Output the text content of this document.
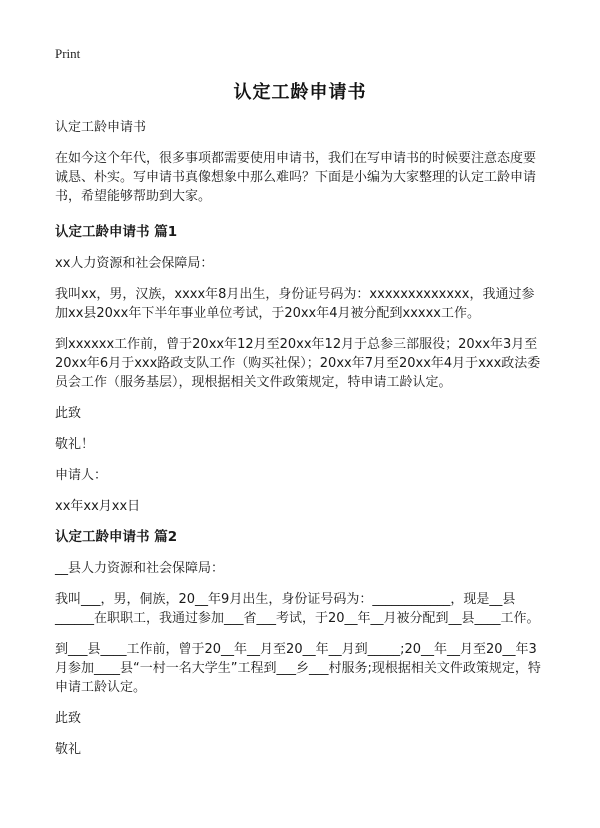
Print
认定工龄申请书

认定工龄申请书

在如今这个年代，很多事项都需要使用申请书，我们在写申请书的时候要注意态度要诚恳、朴实。写申请书真像想象中那么难吗？下面是小编为大家整理的认定工龄申请书，希望能够帮助到大家。

认定工龄申请书 篇1

xx人力资源和社会保障局：

我叫xx，男，汉族，xxxx年8月出生，身份证号码为：xxxxxxxxxxxxx，我通过参加xx县20xx年下半年事业单位考试，于20xx年4月被分配到xxxxx工作。

到xxxxxx工作前，曾于20xx年12月至20xx年12月于总参三部服役；20xx年3月至20xx年6月于xxx路政支队工作（购买社保）；20xx年7月至20xx年4月于xxx政法委员会工作（服务基层），现根据相关文件政策规定，特申请工龄认定。

此致

敬礼！

申请人：

xx年xx月xx日

认定工龄申请书 篇2

__县人力资源和社会保障局：

我叫___，男，侗族，20__年9月出生，身份证号码为：____________，现是__县______在职职工，我通过参加___省___考试，于20__年__月被分配到__县____工作。

到___县____工作前，曾于20__年__月至20__年__月到_____;20__年__月至20__年3月参加____县“一村一名大学生”工程到___乡___村服务;现根据相关文件政策规定，特申请工龄认定。

此致

敬礼
